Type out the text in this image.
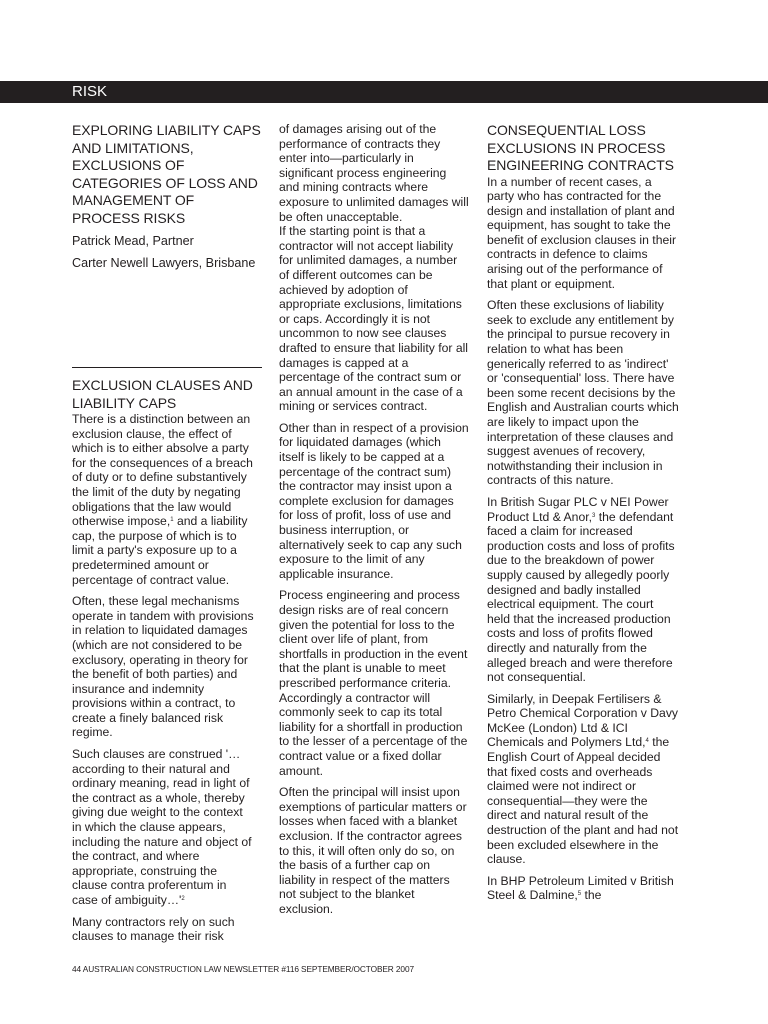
RISK
EXPLORING LIABILITY CAPS AND LIMITATIONS, EXCLUSIONS OF CATEGORIES OF LOSS AND MANAGEMENT OF PROCESS RISKS
Patrick Mead, Partner
Carter Newell Lawyers, Brisbane
EXCLUSION CLAUSES AND LIABILITY CAPS

There is a distinction between an exclusion clause, the effect of which is to either absolve a party for the consequences of a breach of duty or to define substantively the limit of the duty by negating obligations that the law would otherwise impose,$^1$ and a liability cap, the purpose of which is to limit a party's exposure up to a predetermined amount or percentage of contract value.

Often, these legal mechanisms operate in tandem with provisions in relation to liquidated damages (which are not considered to be exclusory, operating in theory for the benefit of both parties) and insurance and indemnity provisions within a contract, to create a finely balanced risk regime.

Such clauses are construed '… according to their natural and ordinary meaning, read in light of the contract as a whole, thereby giving due weight to the context in which the clause appears, including the nature and object of the contract, and where appropriate, construing the clause contra proferentum in case of $ambiguity\dots'^2$

Many contractors rely on such clauses to manage their risk

of damages arising out of the performance of contracts they enter into—particularly in significant process engineering and mining contracts where exposure to unlimited damages will be often unacceptable.

If the starting point is that a contractor will not accept liability for unlimited damages, a number of different outcomes can be achieved by adoption of appropriate exclusions, limitations or caps. Accordingly it is not uncommon to now see clauses drafted to ensure that liability for all damages is capped at a percentage of the contract sum or an annual amount in the case of a mining or services contract.

Other than in respect of a provision for liquidated damages (which itself is likely to be capped at a percentage of the contract sum) the contractor may insist upon a complete exclusion for damages for loss of profit, loss of use and business interruption, or alternatively seek to cap any such exposure to the limit of any applicable insurance.

Process engineering and process design risks are of real concern given the potential for loss to the client over life of plant, from shortfalls in production in the event that the plant is unable to meet prescribed performance criteria. Accordingly a contractor will commonly seek to cap its total liability for a shortfall in production to the lesser of a percentage of the contract value or a fixed dollar amount.

Often the principal will insist upon exemptions of particular matters or losses when faced with a blanket exclusion. If the contractor agrees to this, it will often only do so, on the basis of a further cap on liability in respect of the matters not subject to the blanket exclusion.

CONSEQUENTIAL LOSS EXCLUSIONS IN PROCESS ENGINEERING CONTRACTS

In a number of recent cases, a party who has contracted for the design and installation of plant and equipment, has sought to take the benefit of exclusion clauses in their contracts in defence to claims arising out of the performance of that plant or equipment.

Often these exclusions of liability seek to exclude any entitlement by the principal to pursue recovery in relation to what has been generically referred to as 'indirect' or 'consequential' loss. There have been some recent decisions by the English and Australian courts which are likely to impact upon the interpretation of these clauses and suggest avenues of recovery, notwithstanding their inclusion in contracts of this nature.

In British Sugar PLC v NEI Power Product Ltd & Anor,$^3$ the defendant faced a claim for increased production costs and loss of profits due to the breakdown of power supply caused by allegedly poorly designed and badly installed electrical equipment. The court held that the increased production costs and loss of profits flowed directly and naturally from the alleged breach and were therefore not consequential.

Similarly, in Deepak Fertilisers & Petro Chemical Corporation v Davy McKee (London) Ltd & ICI Chemicals and Polymers Ltd,$^4$ the English Court of Appeal decided that fixed costs and overheads claimed were not indirect or consequential—they were the direct and natural result of the destruction of the plant and had not been excluded elsewhere in the clause.

In BHP Petroleum Limited v British Steel & Dalmine,$^5$ the

44 AUSTRALIAN CONSTRUCTION LAW NEWSLETTER #116 SEPTEMBER/OCTOBER 2007
